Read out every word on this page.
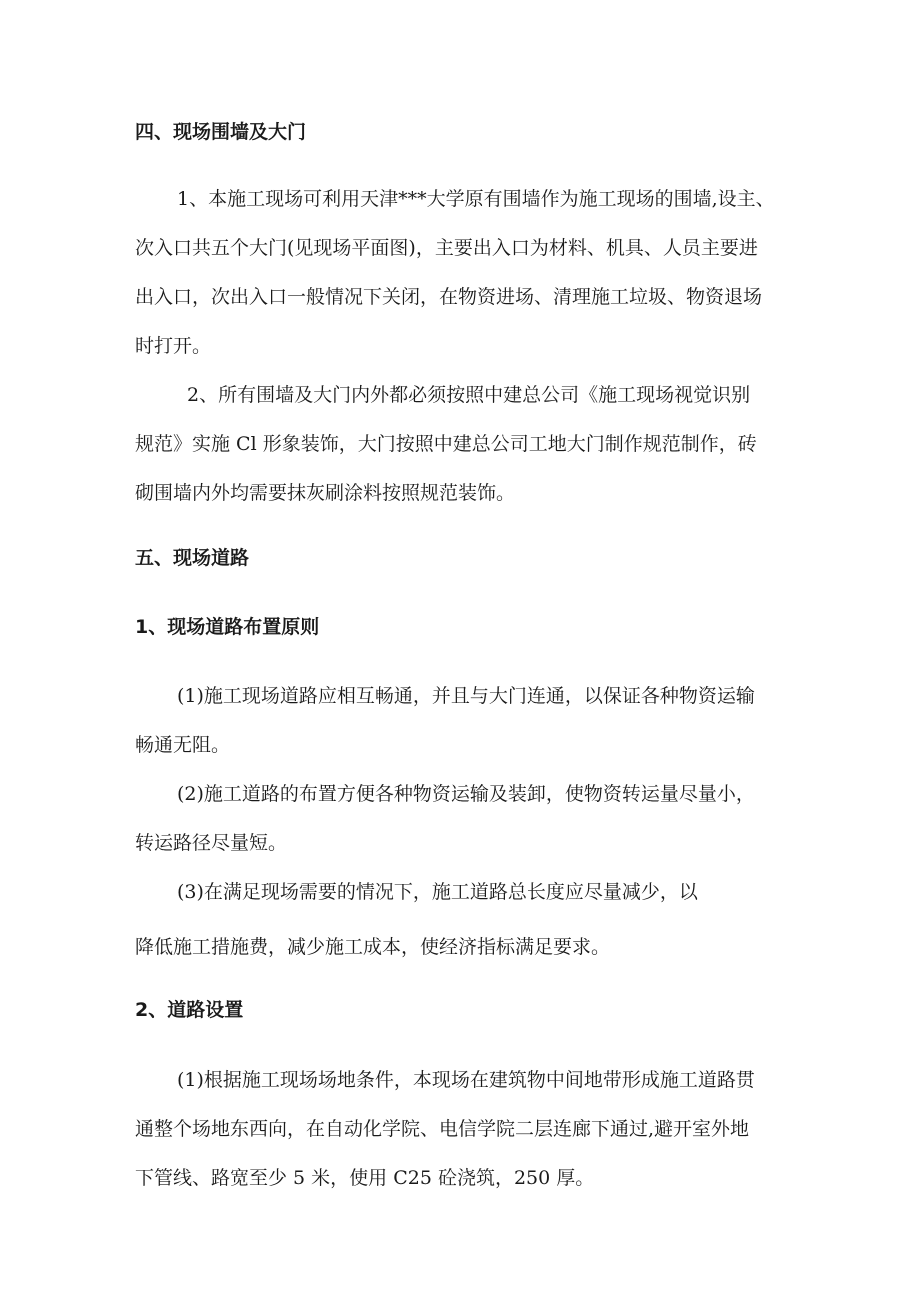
四、现场围墙及大门

1、本施工现场可利用天津***大学原有围墙作为施工现场的围墙,设主、

次入口共五个大门(见现场平面图)，主要出入口为材料、机具、人员主要进

出入口，次出入口一般情况下关闭，在物资进场、清理施工垃圾、物资退场

时打开。

2、所有围墙及大门内外都必须按照中建总公司《施工现场视觉识别

规范》实施 Cl 形象装饰，大门按照中建总公司工地大门制作规范制作，砖

砌围墙内外均需要抹灰刷涂料按照规范装饰。

五、现场道路
1、现场道路布置原则

(1)施工现场道路应相互畅通，并且与大门连通，以保证各种物资运输

畅通无阻。

(2)施工道路的布置方便各种物资运输及装卸，使物资转运量尽量小，

转运路径尽量短。

(3)在满足现场需要的情况下，施工道路总长度应尽量减少，以

降低施工措施费，减少施工成本，使经济指标满足要求。

2、道路设置

(1)根据施工现场场地条件，本现场在建筑物中间地带形成施工道路贯

通整个场地东西向，在自动化学院、电信学院二层连廊下通过,避开室外地

下管线、路宽至少 5 米，使用 C25 砼浇筑，250 厚。
